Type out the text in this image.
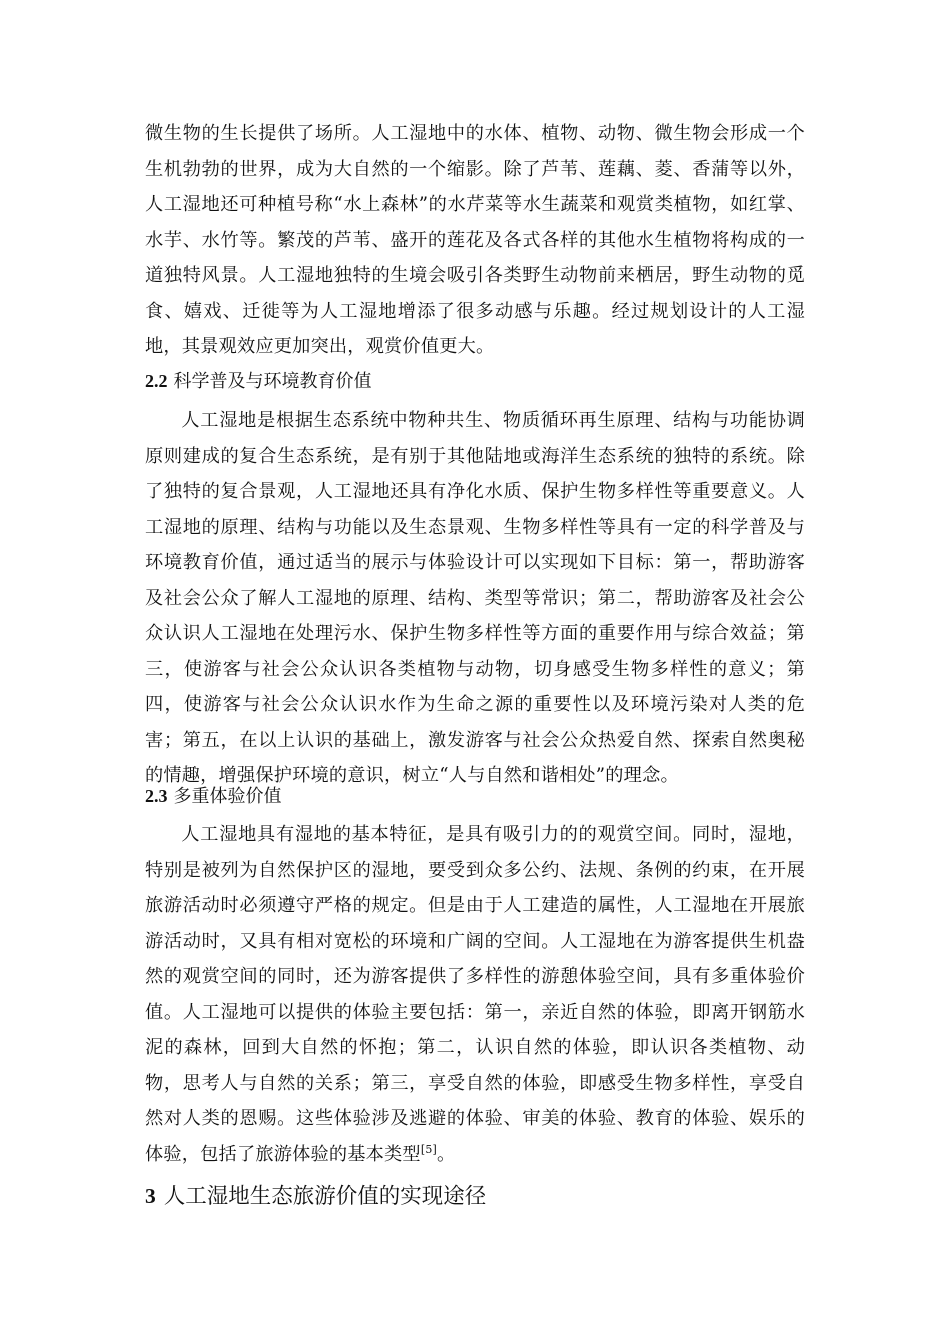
微生物的生长提供了场所。人工湿地中的水体、植物、动物、微生物会形成一个生机勃勃的世界，成为大自然的一个缩影。除了芦苇、莲藕、菱、香蒲等以外，人工湿地还可种植号称“水上森林”的水芹菜等水生蔬菜和观赏类植物，如红掌、水芋、水竹等。繁茂的芦苇、盛开的莲花及各式各样的其他水生植物将构成的一道独特风景。人工湿地独特的生境会吸引各类野生动物前来栖居，野生动物的觅食、嬉戏、迁徙等为人工湿地增添了很多动感与乐趣。经过规划设计的人工湿地，其景观效应更加突出，观赏价值更大。

2.2 科学普及与环境教育价值

人工湿地是根据生态系统中物种共生、物质循环再生原理、结构与功能协调原则建成的复合生态系统，是有别于其他陆地或海洋生态系统的独特的系统。除了独特的复合景观，人工湿地还具有净化水质、保护生物多样性等重要意义。人工湿地的原理、结构与功能以及生态景观、生物多样性等具有一定的科学普及与环境教育价值，通过适当的展示与体验设计可以实现如下目标：第一，帮助游客及社会公众了解人工湿地的原理、结构、类型等常识；第二，帮助游客及社会公众认识人工湿地在处理污水、保护生物多样性等方面的重要作用与综合效益；第三，使游客与社会公众认识各类植物与动物，切身感受生物多样性的意义；第四，使游客与社会公众认识水作为生命之源的重要性以及环境污染对人类的危害；第五，在以上认识的基础上，激发游客与社会公众热爱自然、探索自然奥秘的情趣，增强保护环境的意识，树立“人与自然和谐相处”的理念。

2.3 多重体验价值

人工湿地具有湿地的基本特征，是具有吸引力的的观赏空间。同时，湿地，特别是被列为自然保护区的湿地，要受到众多公约、法规、条例的约束，在开展旅游活动时必须遵守严格的规定。但是由于人工建造的属性，人工湿地在开展旅游活动时，又具有相对宽松的环境和广阔的空间。人工湿地在为游客提供生机盎然的观赏空间的同时，还为游客提供了多样性的游憩体验空间，具有多重体验价值。人工湿地可以提供的体验主要包括：第一，亲近自然的体验，即离开钢筋水泥的森林，回到大自然的怀抱；第二，认识自然的体验，即认识各类植物、动物，思考人与自然的关系；第三，享受自然的体验，即感受生物多样性，享受自然对人类的恩赐。这些体验涉及逃避的体验、审美的体验、教育的体验、娱乐的体验，包括了旅游体验的基本类型[5]。

3 人工湿地生态旅游价值的实现途径
